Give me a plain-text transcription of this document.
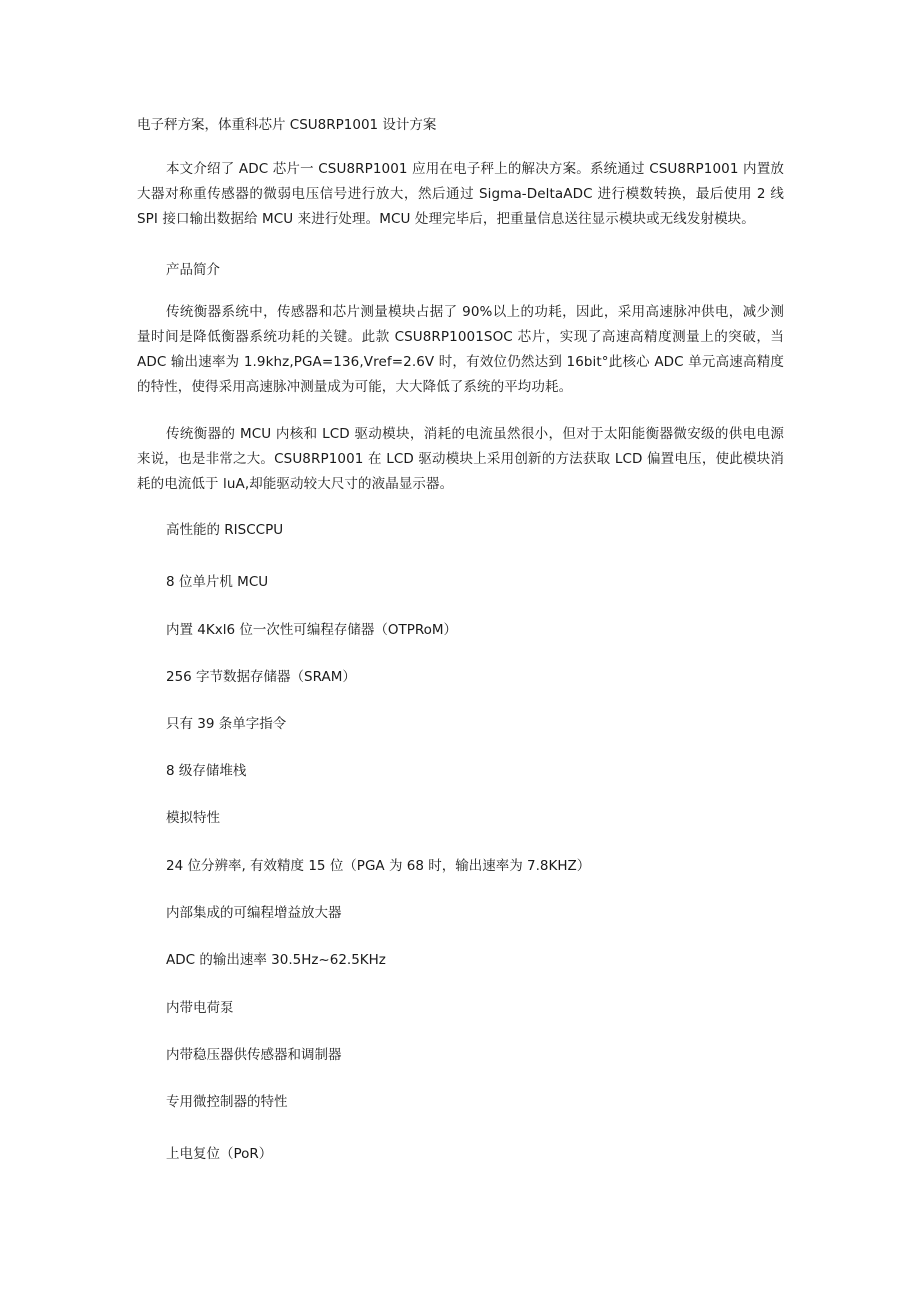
电子秤方案，体重科芯片 CSU8RP1001 设计方案
本文介绍了 ADC 芯片一 CSU8RP1001 应用在电子秤上的解决方案。系统通过 CSU8RP1001 内置放大器对称重传感器的微弱电压信号进行放大，然后通过 Sigma-DeltaADC 进行模数转换，最后使用 2 线 SPI 接口输出数据给 MCU 来进行处理。MCU 处理完毕后，把重量信息送往显示模块或无线发射模块。
产品简介
传统衡器系统中，传感器和芯片测量模块占据了 90%以上的功耗，因此，采用高速脉冲供电，减少测量时间是降低衡器系统功耗的关键。此款 CSU8RP1001SOC 芯片，实现了高速高精度测量上的突破，当 ADC 输出速率为 1.9khz,PGA=136,Vref=2.6V 时，有效位仍然达到 16bit°此核心 ADC 单元高速高精度的特性，使得采用高速脉冲测量成为可能，大大降低了系统的平均功耗。
传统衡器的 MCU 内核和 LCD 驱动模块，消耗的电流虽然很小，但对于太阳能衡器微安级的供电电源来说，也是非常之大。CSU8RP1001 在 LCD 驱动模块上采用创新的方法获取 LCD 偏置电压，使此模块消耗的电流低于 luA,却能驱动较大尺寸的液晶显示器。
高性能的 RISCCPU
8 位单片机 MCU
内置 4Kxl6 位一次性可编程存储器（OTPRoM）
256 字节数据存储器（SRAM）
只有 39 条单字指令
8 级存储堆栈
模拟特性
24 位分辨率, 有效精度 15 位（PGA 为 68 时，输出速率为 7.8KHZ）
内部集成的可编程增益放大器
ADC 的输出速率 30.5Hz~62.5KHz
内带电荷泵
内带稳压器供传感器和调制器
专用微控制器的特性
上电复位（PoR）
